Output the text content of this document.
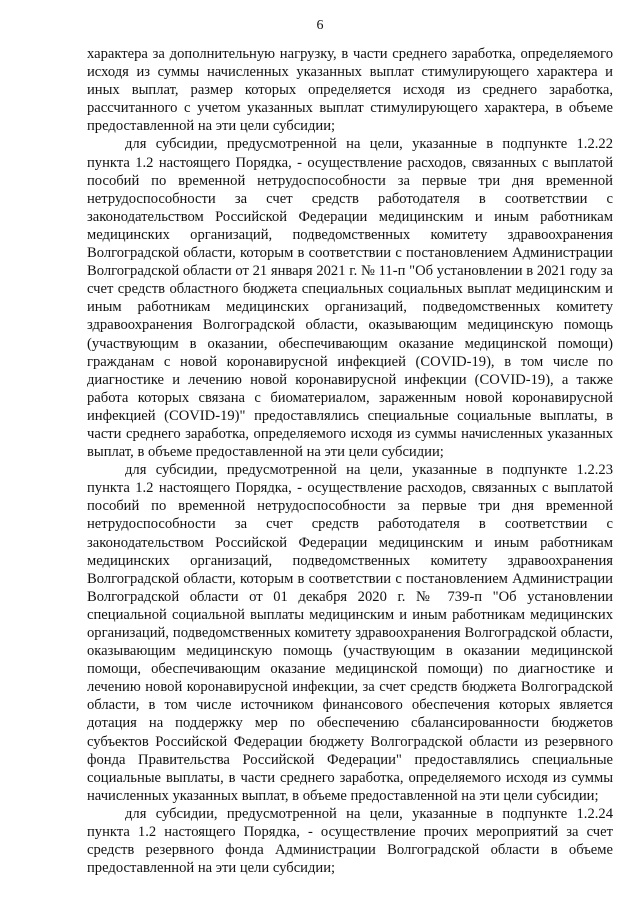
6

характера за дополнительную нагрузку, в части среднего заработка, определяемого исходя из суммы начисленных указанных выплат стимулирующего характера и иных выплат, размер которых определяется исходя из среднего заработка, рассчитанного с учетом указанных выплат стимулирующего характера, в объеме предоставленной на эти цели субсидии;

для субсидии, предусмотренной на цели, указанные в подпункте 1.2.22 пункта 1.2 настоящего Порядка, - осуществление расходов, связанных с выплатой пособий по временной нетрудоспособности за первые три дня временной нетрудоспособности за счет средств работодателя в соответствии с законодательством Российской Федерации медицинским и иным работникам медицинских организаций, подведомственных комитету здравоохранения Волгоградской области, которым в соответствии с постановлением Администрации Волгоградской области от 21 января 2021 г. № 11-п "Об установлении в 2021 году за счет средств областного бюджета специальных социальных выплат медицинским и иным работникам медицинских организаций, подведомственных комитету здравоохранения Волгоградской области, оказывающим медицинскую помощь (участвующим в оказании, обеспечивающим оказание медицинской помощи) гражданам с новой коронавирусной инфекцией (COVID-19), в том числе по диагностике и лечению новой коронавирусной инфекции (COVID-19), а также работа которых связана с биоматериалом, зараженным новой коронавирусной инфекцией (COVID-19)" предоставлялись специальные социальные выплаты, в части среднего заработка, определяемого исходя из суммы начисленных указанных выплат, в объеме предоставленной на эти цели субсидии;

для субсидии, предусмотренной на цели, указанные в подпункте 1.2.23 пункта 1.2 настоящего Порядка, - осуществление расходов, связанных с выплатой пособий по временной нетрудоспособности за первые три дня временной нетрудоспособности за счет средств работодателя в соответствии с законодательством Российской Федерации медицинским и иным работникам медицинских организаций, подведомственных комитету здравоохранения Волгоградской области, которым в соответствии с постановлением Администрации Волгоградской области от 01 декабря 2020 г. № 739-п "Об установлении специальной социальной выплаты медицинским и иным работникам медицинских организаций, подведомственных комитету здравоохранения Волгоградской области, оказывающим медицинскую помощь (участвующим в оказании медицинской помощи, обеспечивающим оказание медицинской помощи) по диагностике и лечению новой коронавирусной инфекции, за счет средств бюджета Волгоградской области, в том числе источником финансового обеспечения которых является дотация на поддержку мер по обеспечению сбалансированности бюджетов субъектов Российской Федерации бюджету Волгоградской области из резервного фонда Правительства Российской Федерации" предоставлялись специальные социальные выплаты, в части среднего заработка, определяемого исходя из суммы начисленных указанных выплат, в объеме предоставленной на эти цели субсидии;

для субсидии, предусмотренной на цели, указанные в подпункте 1.2.24 пункта 1.2 настоящего Порядка, - осуществление прочих мероприятий за счет средств резервного фонда Администрации Волгоградской области в объеме предоставленной на эти цели субсидии;
